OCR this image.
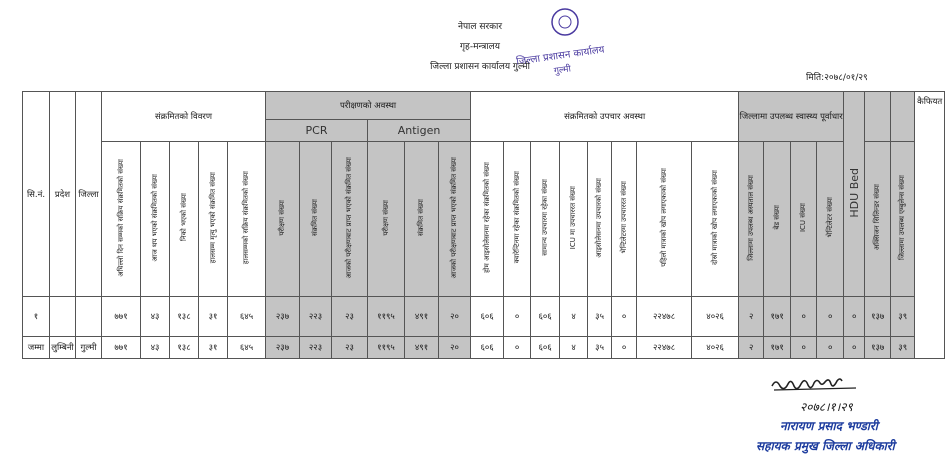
नेपाल सरकार
गृह-मन्त्रालय
जिल्ला प्रशासन कार्यालय गुल्मी
जिल्ला प्रशासन कार्यालय
गुल्मी
मिति:२०७८/०१/२९
सि.नं.	प्रदेश	जिल्ला	संक्रमितको विवरण					परीक्षणको अवस्था						संक्रमितको उपचार अवस्था								जिल्लामा उपलब्ध स्वास्थ्य पूर्वाधार				HDU Bed			कैफियत
								PCR			Antigen																		
			अघिल्लो दिन सम्मको सक्रिय संक्रमितको संख्या	आज थप भएको संक्रमितको संख्या	निको भएको संख्या	हालसम्म मृत्यु भएको संक्रमित संख्या	हालसम्मको सक्रिय संक्रमितको संख्या	परीक्षण संख्या	संक्रमित संख्या	आजको परीक्षणबाट प्राप्त भएको संक्रमित संख्या	परीक्षण संख्या	संक्रमित संख्या	आजको परीक्षणबाट प्राप्त भएको संक्रमित संख्या	होम आइसोलेसनमा रहेका संक्रमितको संख्या	क्वारेन्टिनमा रहेका संक्रमितको संख्या	सामान्य उपचारमा रहेका संख्या	ICU मा उपचाररत संख्या	आइसोलेसनमा उपचारको संख्या	भेन्टिलेटरमा उपचाररत संख्या	पहिलो मात्राको खोप लगाएकाको संख्या	दोस्रो मात्राको खोप लगाएकाको संख्या	जिल्लामा उपलब्ध अस्पताल संख्या	बेड संख्या	ICU संख्या	भेन्टिलेटर संख्या		अक्सिजन सिलिन्डर संख्या	जिल्लामा उपलब्ध एम्बुलेन्स संख्या	
१			७७१	४३	१३८	३१	६४५	२३७	२२३	२३	११९५	४९१	२०	६०६	०	६०६	४	३५	०	२२४७८	४०२६	२	१७१	०	०	०	१३७	३९	
जम्मा	लुम्बिनी	गुल्मी	७७१	४३	१३८	३१	६४५	२३७	२२३	२३	११९५	४९१	२०	६०६	०	६०६	४	३५	०	२२४७८	४०२६	२	१७१	०	०	०	१३७	३९	
२०७८।१।२९
नारायण प्रसाद भण्डारी
सहायक प्रमुख जिल्ला अधिकारी
